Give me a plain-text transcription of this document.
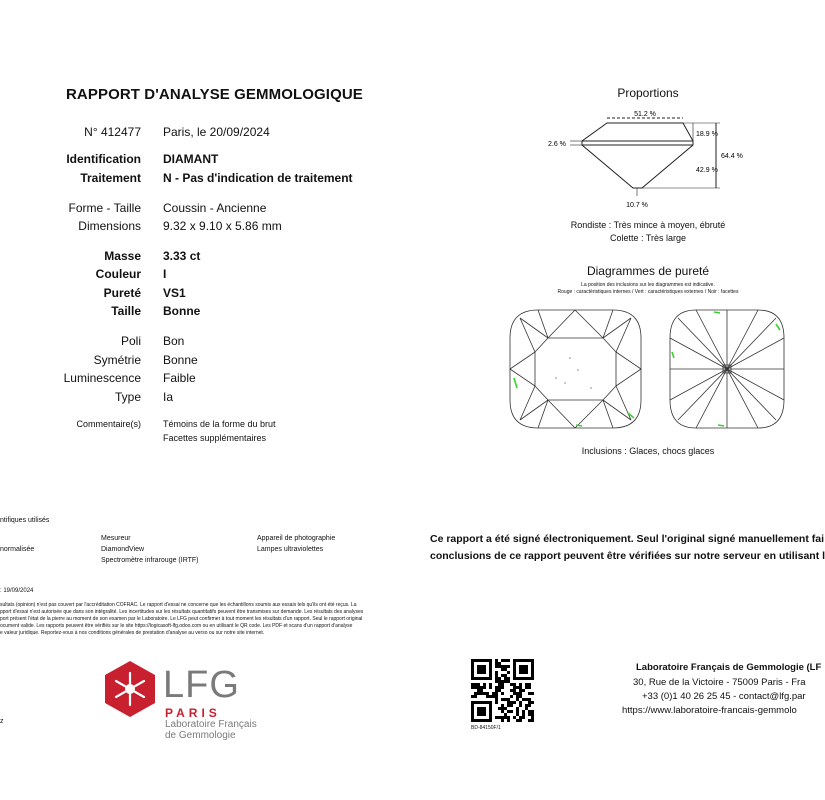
RAPPORT D'ANALYSE GEMMOLOGIQUE
N° 412477 Paris, le 20/09/2024
Identification DIAMANT
Traitement N - Pas d'indication de traitement
Forme - Taille Coussin - Ancienne
Dimensions 9.32 x 9.10 x 5.86 mm
Masse 3.33 ct
Couleur I
Pureté VS1
Taille Bonne
Poli Bon
Symétrie Bonne
Luminescence Faible
Type Ia
Commentaire(s) Témoins de la forme du brut
Facettes supplémentaires
Proportions
51.2 %
2.6 %
18.9 %
42.9 %
64.4 %
10.7 %
Rondiste : Très mince à moyen, ébruté
Colette : Très large
Diagrammes de pureté
La position des inclusions sur les diagrammes est indicative.
Rouge : caractéristiques internes / Vert : caractéristiques externes / Noir : facettes
Inclusions : Glaces, chocs glaces
ntifiques utilisés
normalisée
Mesureur
DiamondView
Spectromètre infrarouge (IRTF)
Appareil de photographie
Lampes ultraviolettes
: 19/09/2024
sultats (opinion) n'est pas couvert par l'accréditation COFRAC. Le rapport d'essai ne concerne que les échantillons soumis aux essais tels qu'ils ont été reçus. La
pport d'essai n'est autorisée que dans son intégralité. Les incertitudes sur les résultats quantitatifs peuvent être transmises sur demande. Les résultats des analyses
port présent l'état de la pierre au moment de son examen par le Laboratoire. Le LFG peut confirmer à tout moment les résultats d'un rapport. Seul le rapport original
ocument valide. Les rapports peuvent être vérifiés sur le site https://logicasoft-lfg.odoo.com ou en utilisant le QR code. Les PDF et scans d'un rapport d'analyse
e valeur juridique. Reportez-vous à nos conditions générales de prestation d'analyse au verso ou sur notre site internet.
Ce rapport a été signé électroniquement. Seul l'original signé manuellement fai
conclusions de ce rapport peuvent être vérifiées sur notre serveur en utilisant l
LFG
PARIS
Laboratoire Français
de Gemmologie
z
BD-84150F/1
Laboratoire Français de Gemmologie (LF
30, Rue de la Victoire - 75009 Paris - Fra
+33 (0)1 40 26 25 45 - contact@lfg.par
https://www.laboratoire-francais-gemmolo
